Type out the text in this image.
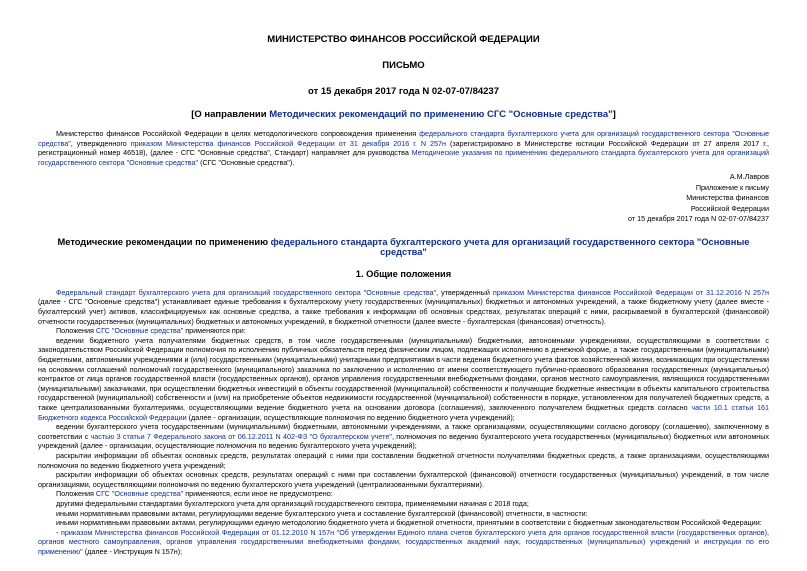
МИНИСТЕРСТВО ФИНАНСОВ РОССИЙСКОЙ ФЕДЕРАЦИИ
ПИСЬМО
от 15 декабря 2017 года N 02-07-07/84237
[О направлении Методических рекомендаций по применению СГС "Основные средства"]

Министерство финансов Российской Федерации в целях методологического сопровождения применения федерального стандарта бухгалтерского учета для организаций государственного сектора "Основные средства", утвержденного приказом Министерства финансов Российской Федерации от 31 декабря 2016 г. N 257н (зарегистрировано в Министерстве юстиции Российской Федерации от 27 апреля 2017 г., регистрационный номер 46518), (далее - СГС "Основные средства", Стандарт) направляет для руководства Методические указания по применению федерального стандарта бухгалтерского учета для организаций государственного сектора "Основные средства" (СГС "Основные средства").

А.М.Лавров
Приложение к письму
Министерства финансов
Российской Федерации
от 15 декабря 2017 года N 02-07-07/84237
Методические рекомендации по применению федерального стандарта бухгалтерского учета для организаций государственного сектора "Основные средства"
1. Общие положения

Федеральный стандарт бухгалтерского учета для организаций государственного сектора "Основные средства", утвержденный приказом Министерства финансов Российской Федерации от 31.12.2016 N 257н (далее - СГС "Основные средства") устанавливает единые требования к бухгалтерскому учету государственных (муниципальных) бюджетных и автономных учреждений, а также бюджетному учету (далее вместе - бухгалтерский учет) активов, классифицируемых как основные средства, а также требования к информации об основных средствах, результатах операций с ними, раскрываемой в бухгалтерской (финансовой) отчетности государственных (муниципальных) бюджетных и автономных учреждений, в бюджетной отчетности (далее вместе - бухгалтерская (финансовая) отчетность).

Положения СГС "Основные средства" применяются при:

ведении бюджетного учета получателями бюджетных средств, в том числе государственными (муниципальными) бюджетными, автономными учреждениями, осуществляющими в соответствии с законодательством Российской Федерации полномочия по исполнению публичных обязательств перед физическим лицом, подлежащих исполнению в денежной форме, а также государственными (муниципальными) бюджетными, автономными учреждениями и (или) государственными (муниципальными) унитарными предприятиями в части ведения бюджетного учета фактов хозяйственной жизни, возникающих при осуществлении на основании соглашений полномочий государственного (муниципального) заказчика по заключению и исполнению от имени соответствующего публично-правового образования государственных (муниципальных) контрактов от лица органов государственной власти (государственных органов), органов управления государственными внебюджетными фондами, органов местного самоуправления, являющихся государственными (муниципальными) заказчиками, при осуществлении бюджетных инвестиций в объекты государственной (муниципальной) собственности и получающие бюджетные инвестиции в объекты капитального строительства государственной (муниципальной) собственности и (или) на приобретение объектов недвижимости государственной (муниципальной) собственности в порядке, установленном для получателей бюджетных средств, а также централизованными бухгалтериями, осуществляющими ведение бюджетного учета на основании договора (соглашения), заключенного получателем бюджетных средств согласно части 10.1 статьи 161 Бюджетного кодекса Российской Федерации (далее - организации, осуществляющие полномочия по ведению бюджетного учета учреждений);

ведении бухгалтерского учета государственными (муниципальными) бюджетными, автономными учреждениями, а также организациями, осуществляющими согласно договору (соглашению), заключенному в соответствии с частью 3 статьи 7 Федерального закона от 06.12.2011 N 402-ФЗ "О бухгалтерском учете", полномочия по ведению бухгалтерского учета государственных (муниципальных) бюджетных или автономных учреждений (далее - организации, осуществляющие полномочия по ведению бухгалтерского учета учреждений);

раскрытии информации об объектах основных средств, результатах операций с ними при составлении бюджетной отчетности получателями бюджетных средств, а также организациями, осуществляющими полномочия по ведению бюджетного учета учреждений;

раскрытии информации об объектах основных средств, результатах операций с ними при составлении бухгалтерской (финансовой) отчетности государственных (муниципальных) учреждений, в том числе организациями, осуществляющими полномочия по ведению бухгалтерского учета учреждений (централизованными бухгалтериями).

Положения СГС "Основные средства" применяются, если иное не предусмотрено:

другими федеральными стандартами бухгалтерского учета для организаций государственного сектора, применяемыми начиная с 2018 года;

иными нормативными правовыми актами, регулирующими ведение бухгалтерского учета и составление бухгалтерской (финансовой) отчетности, в частности:

иными нормативными правовыми актами, регулирующими единую методологию бюджетного учета и бюджетной отчетности, принятыми в соответствии с бюджетным законодательством Российской Федерации:

- приказом Министерства финансов Российской Федерации от 01.12.2010 N 157н "Об утверждении Единого плана счетов бухгалтерского учета для органов государственной власти (государственных органов), органов местного самоуправления, органов управления государственными внебюджетными фондами, государственных академий наук, государственных (муниципальных) учреждений и инструкции по его применению" (далее - Инструкция N 157н);
